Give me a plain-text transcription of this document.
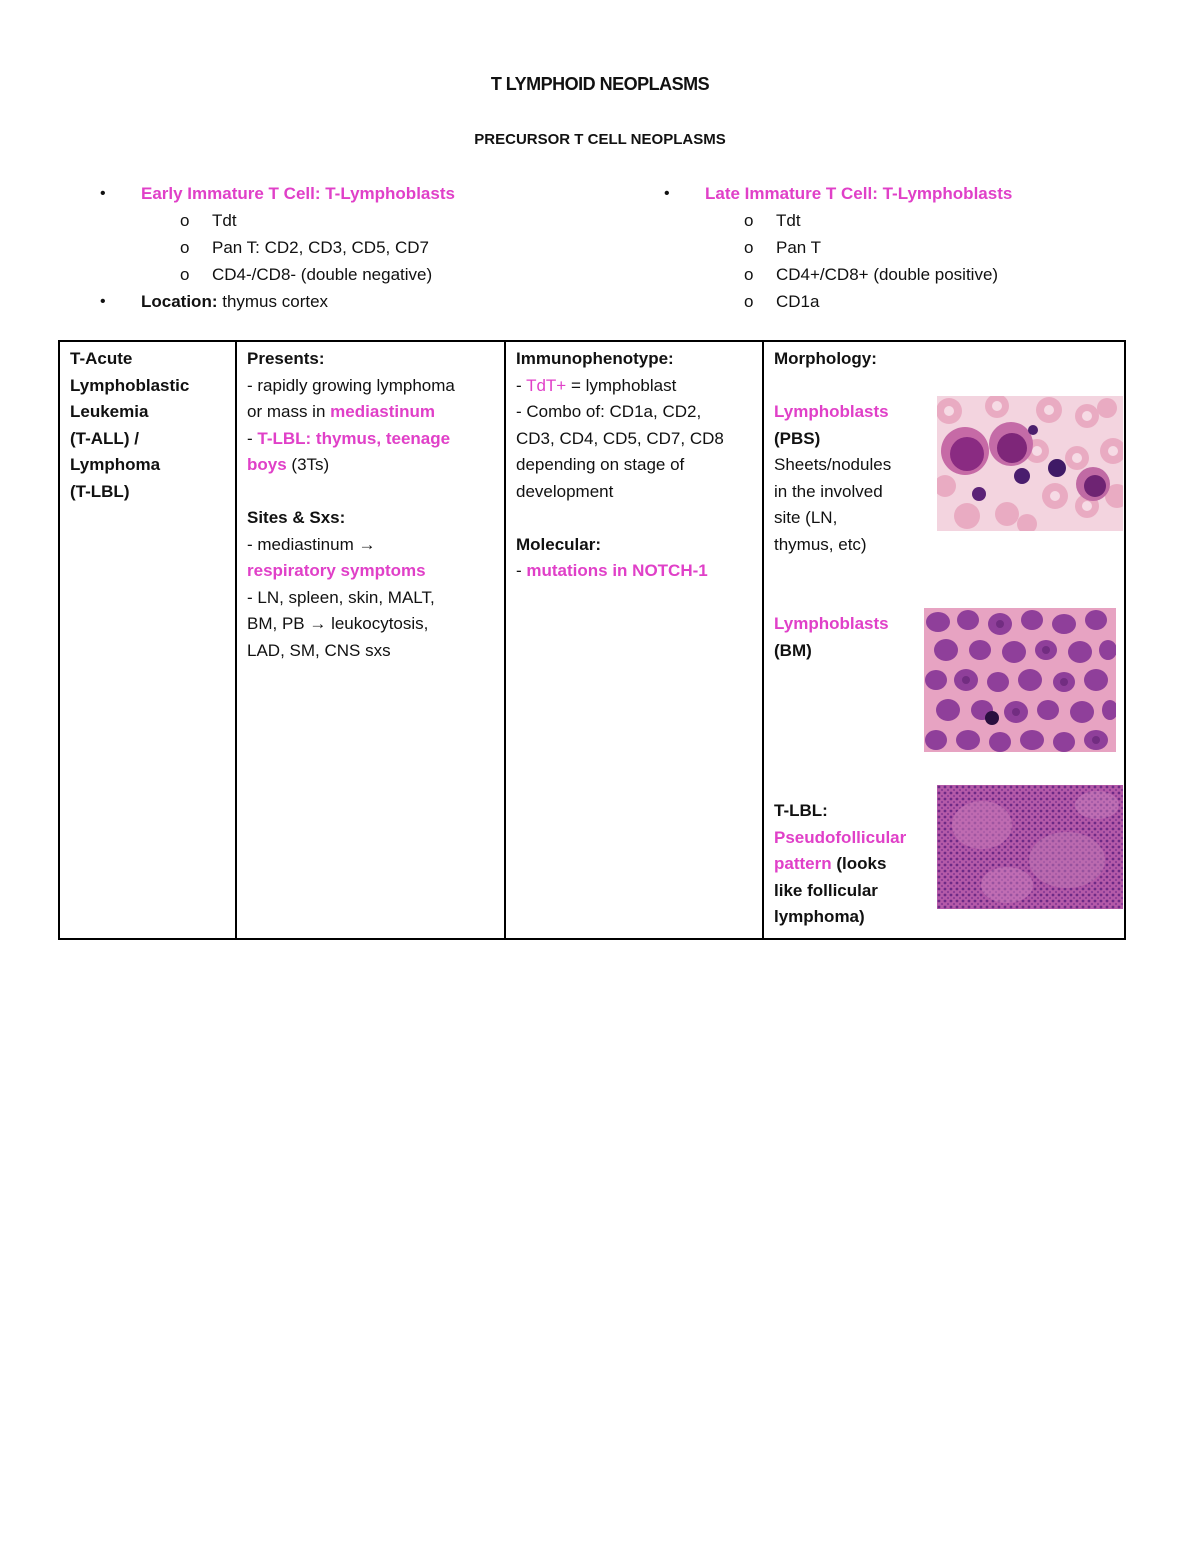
T LYMPHOID NEOPLASMS
PRECURSOR T CELL NEOPLASMS
• Early Immature T Cell: T-Lymphoblasts
o Tdt
o Pan T: CD2, CD3, CD5, CD7
o CD4-/CD8- (double negative)
• Location: thymus cortex
• Late Immature T Cell: T-Lymphoblasts
o Tdt
o Pan T
o CD4+/CD8+ (double positive)
o CD1a
T-Acute
Lymphoblastic
Leukemia
(T-ALL) /
Lymphoma
(T-LBL)

Presents:
- rapidly growing lymphoma
or mass in mediastinum
- T-LBL: thymus, teenage
boys (3Ts)
Sites & Sxs:
- mediastinum →
respiratory symptoms
- LN, spleen, skin, MALT,
BM, PB → leukocytosis,
LAD, SM, CNS sxs

Immunophenotype:
- TdT+ = lymphoblast
- Combo of: CD1a, CD2,
CD3, CD4, CD5, CD7, CD8
depending on stage of
development
Molecular:
- mutations in NOTCH-1

Morphology:
Lymphoblasts
(PBS)
Sheets/nodules
in the involved
site (LN,
thymus, etc)
Lymphoblasts
(BM)
T-LBL:
Pseudofollicular
pattern (looks
like follicular
lymphoma)
